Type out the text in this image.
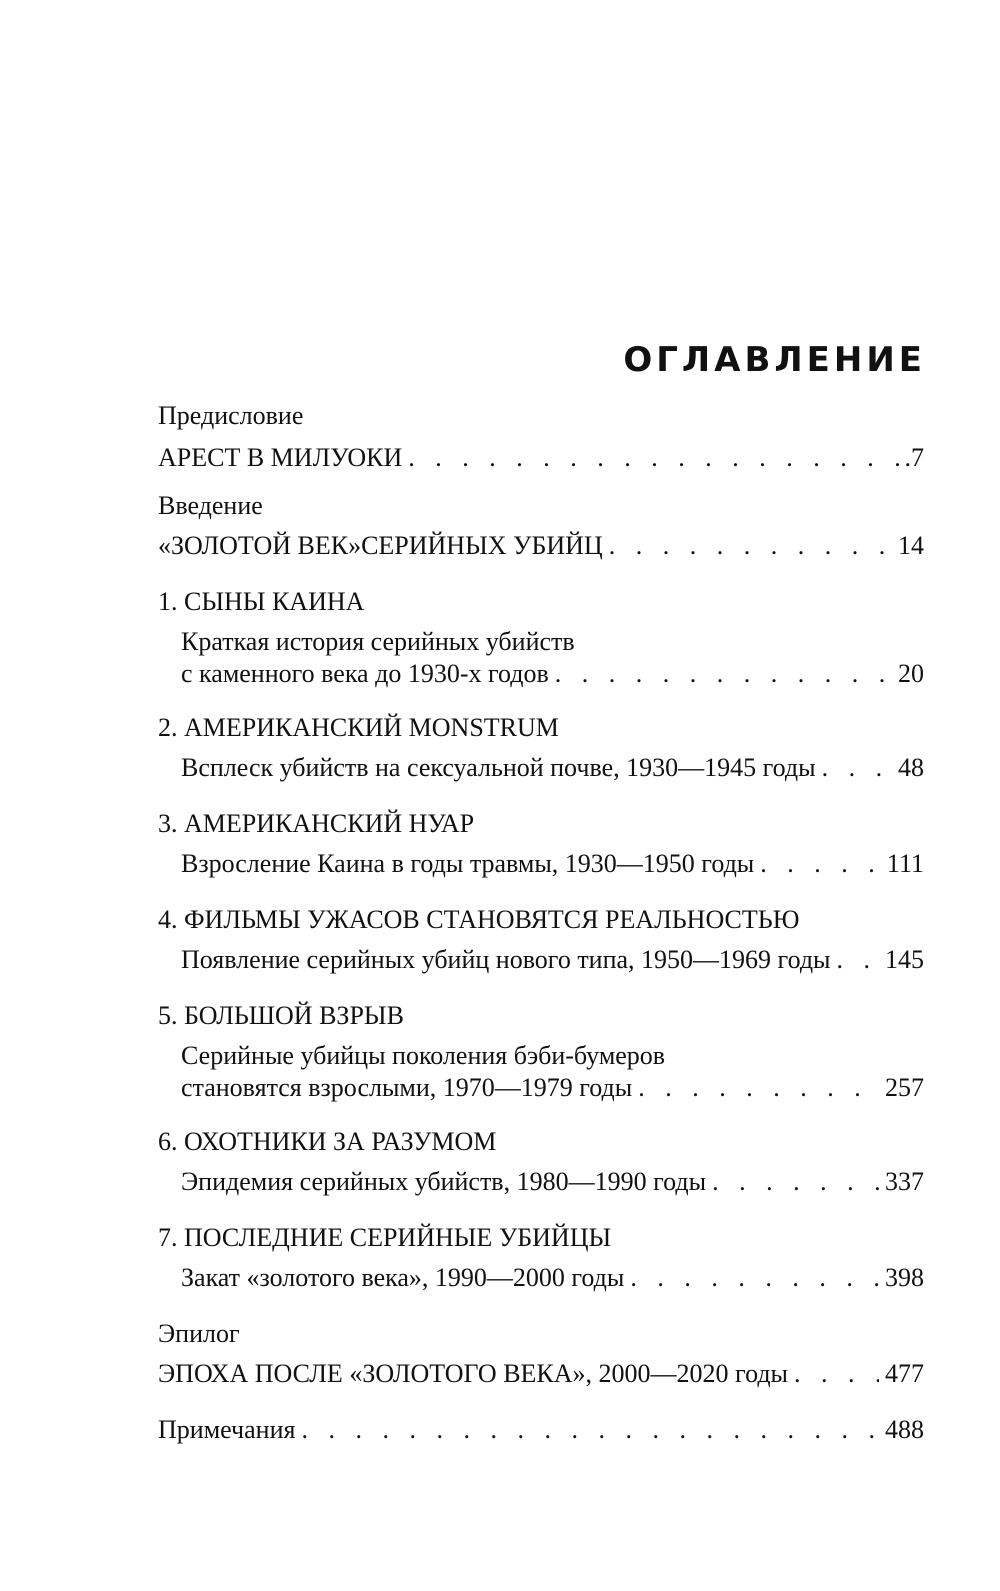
ОГЛАВЛЕНИЕ
Предисловие
АРЕСТ В МИЛУОКИ . . .	.7
Введение
«ЗОЛОТОЙ ВЕК»СЕРИЙНЫХ УБИЙЦ . . .	14
1. СЫНЫ КАИНА
Краткая история серийных убийств
с каменного века до 1930-х годов . . .	20
2. АМЕРИКАНСКИЙ MONSTRUM
Всплеск убийств на сексуальной почве, 1930—1945 годы . . .	48
3. АМЕРИКАНСКИЙ НУАР
Взросление Каина в годы травмы, 1930—1950 годы . . .	111
4. ФИЛЬМЫ УЖАСОВ СТАНОВЯТСЯ РЕАЛЬНОСТЬЮ
Появление серийных убийц нового типа, 1950—1969 годы . . . 145
5. БОЛЬШОЙ ВЗРЫВ
Серийные убийцы поколения бэби-бумеров
становятся взрослыми, 1970—1979 годы . . .	257
6. ОХОТНИКИ ЗА РАЗУМОМ
Эпидемия серийных убийств, 1980—1990 годы . . .	337
7. ПОСЛЕДНИЕ СЕРИЙНЫЕ УБИЙЦЫ
Закат «золотого века», 1990—2000 годы . . .	398
Эпилог
ЭПОХА ПОСЛЕ «ЗОЛОТОГО ВЕКА», 2000—2020 годы . . .	477
Примечания . . .	488
